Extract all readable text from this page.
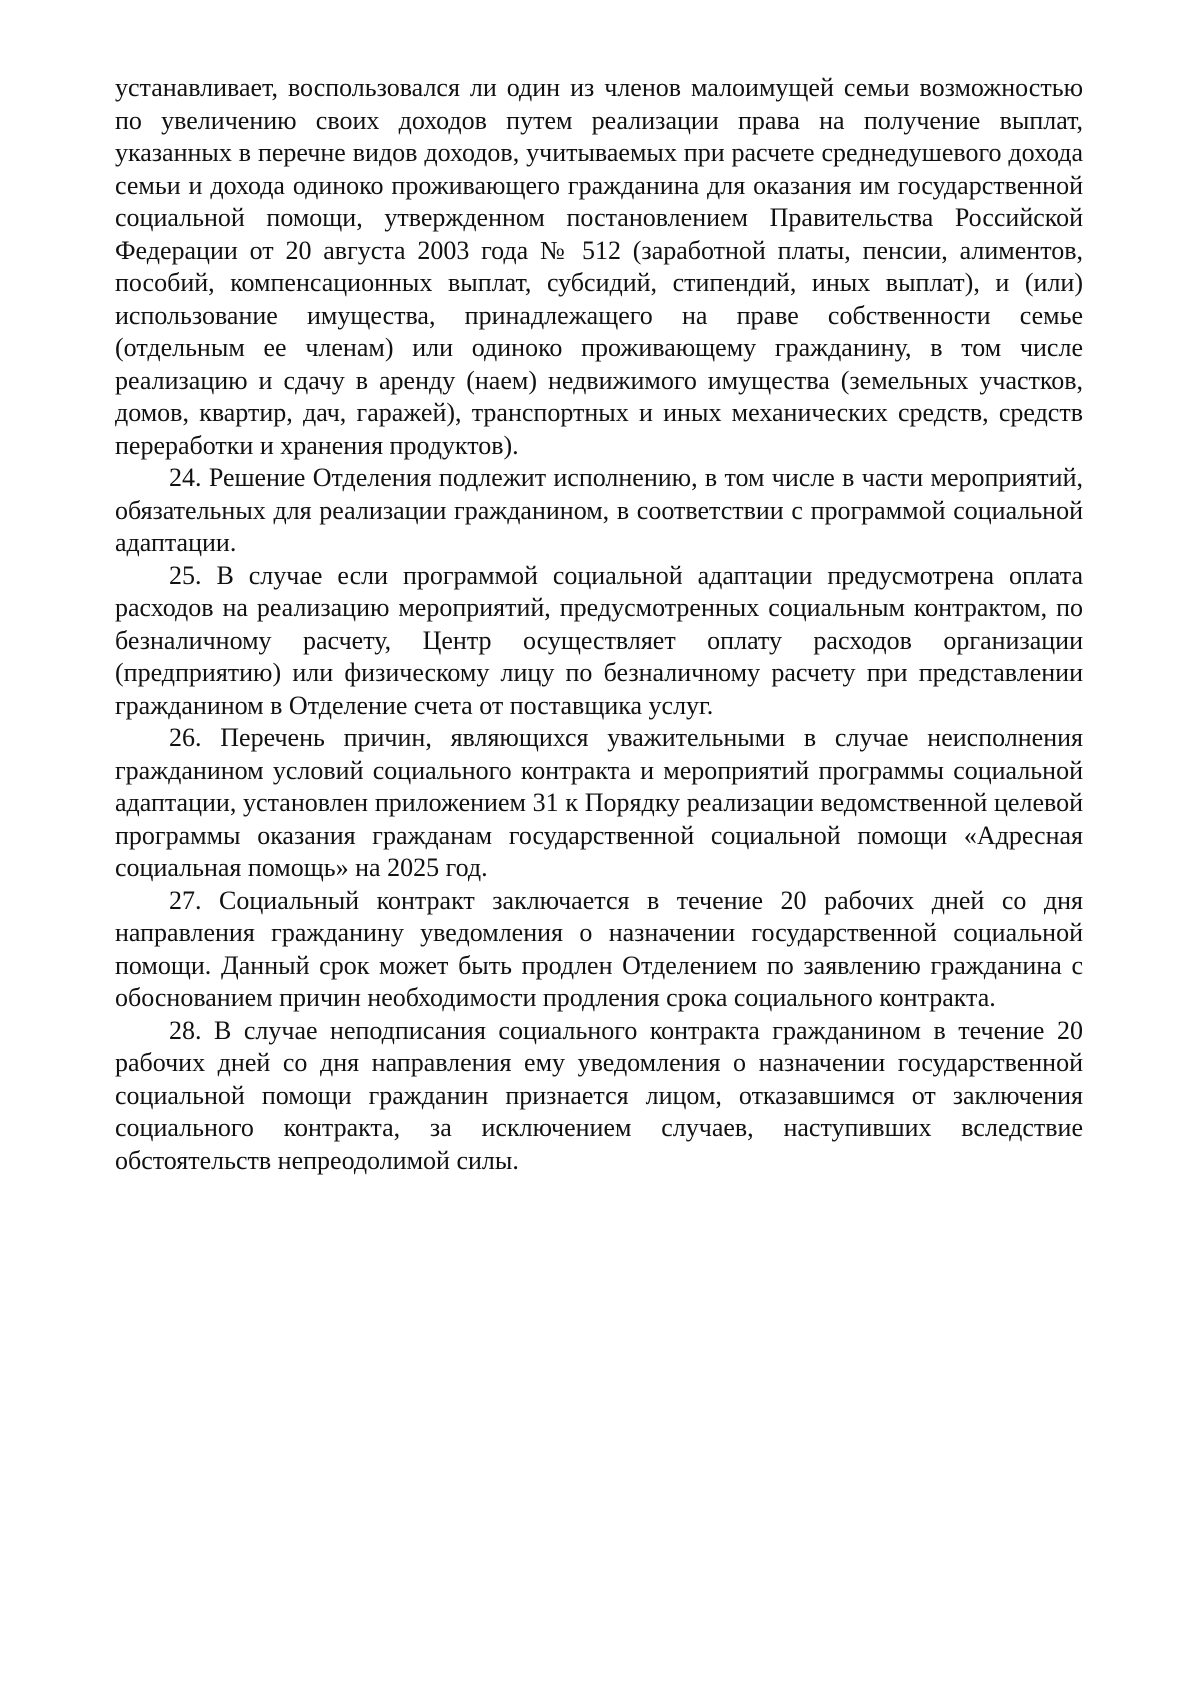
устанавливает, воспользовался ли один из членов малоимущей семьи возможностью по увеличению своих доходов путем реализации права на получение выплат, указанных в перечне видов доходов, учитываемых при расчете среднедушевого дохода семьи и дохода одиноко проживающего гражданина для оказания им государственной социальной помощи, утвержденном постановлением Правительства Российской Федерации от 20 августа 2003 года № 512 (заработной платы, пенсии, алиментов, пособий, компенсационных выплат, субсидий, стипендий, иных выплат), и (или) использование имущества, принадлежащего на праве собственности семье (отдельным ее членам) или одиноко проживающему гражданину, в том числе реализацию и сдачу в аренду (наем) недвижимого имущества (земельных участков, домов, квартир, дач, гаражей), транспортных и иных механических средств, средств переработки и хранения продуктов).

24. Решение Отделения подлежит исполнению, в том числе в части мероприятий, обязательных для реализации гражданином, в соответствии с программой социальной адаптации.

25. В случае если программой социальной адаптации предусмотрена оплата расходов на реализацию мероприятий, предусмотренных социальным контрактом, по безналичному расчету, Центр осуществляет оплату расходов организации (предприятию) или физическому лицу по безналичному расчету при представлении гражданином в Отделение счета от поставщика услуг.

26. Перечень причин, являющихся уважительными в случае неисполнения гражданином условий социального контракта и мероприятий программы социальной адаптации, установлен приложением 31 к Порядку реализации ведомственной целевой программы оказания гражданам государственной социальной помощи «Адресная социальная помощь» на 2025 год.

27. Социальный контракт заключается в течение 20 рабочих дней со дня направления гражданину уведомления о назначении государственной социальной помощи. Данный срок может быть продлен Отделением по заявлению гражданина с обоснованием причин необходимости продления срока социального контракта.

28. В случае неподписания социального контракта гражданином в течение 20 рабочих дней со дня направления ему уведомления о назначении государственной социальной помощи гражданин признается лицом, отказавшимся от заключения социального контракта, за исключением случаев, наступивших вследствие обстоятельств непреодолимой силы.
